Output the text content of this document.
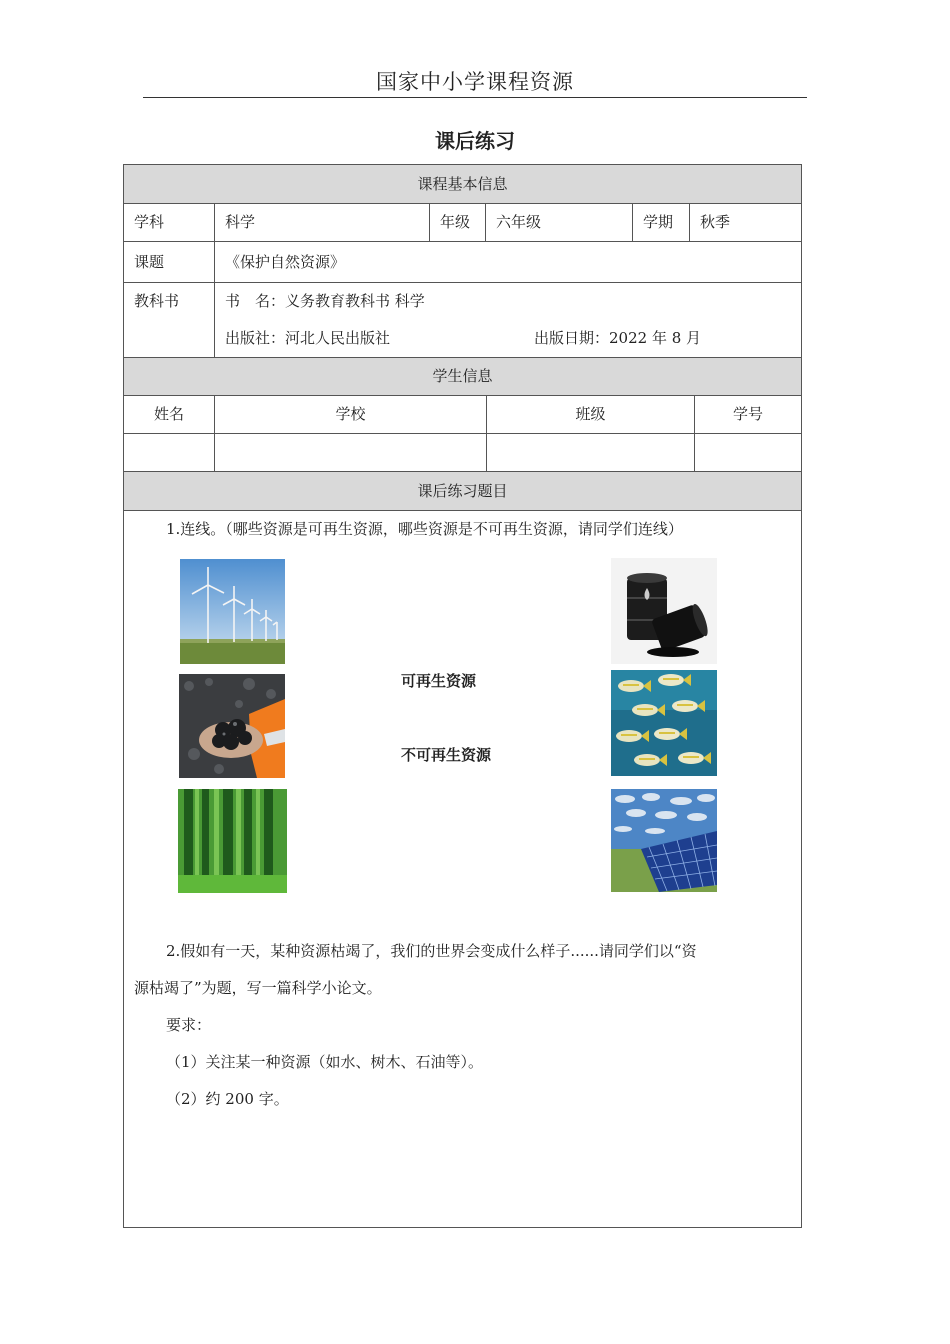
国家中小学课程资源
课后练习
课程基本信息
学科	科学	年级	六年级	学期	秋季
课题	《保护自然资源》
教科书	书　名：义务教育教科书 科学
出版社：河北人民出版社	出版日期：2022 年 8 月
学生信息
姓名	学校	班级	学号
课后练习题目
1.连线。（哪些资源是可再生资源，哪些资源是不可再生资源，请同学们连线）
可再生资源
不可再生资源
2.假如有一天，某种资源枯竭了，我们的世界会变成什么样子......请同学们以“资
源枯竭了”为题，写一篇科学小论文。
要求：
（1）关注某一种资源（如水、树木、石油等）。
（2）约 200 字。
